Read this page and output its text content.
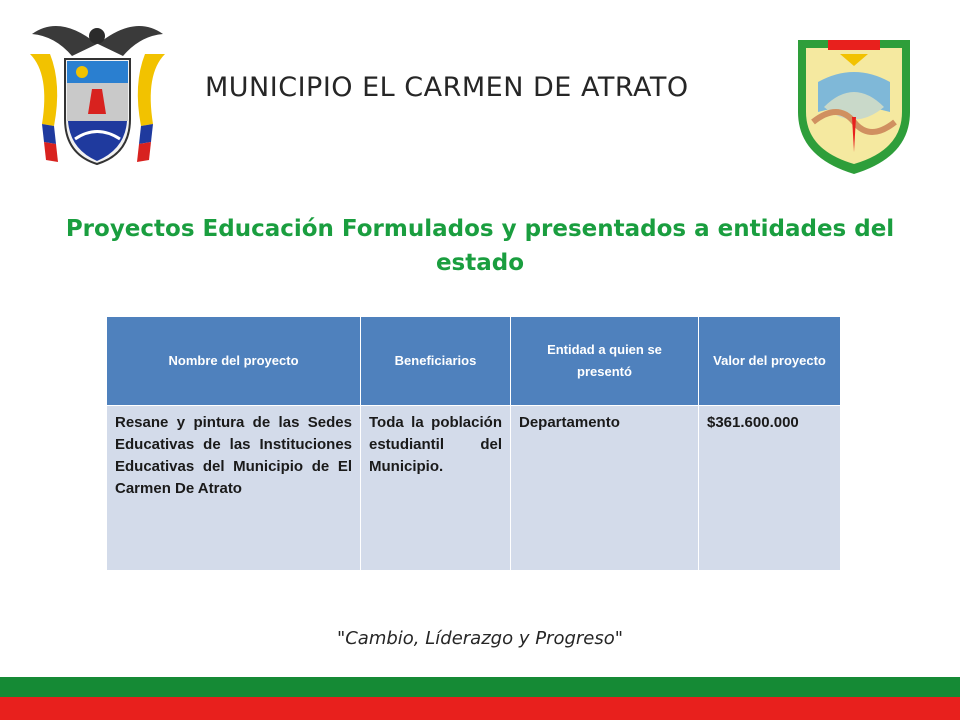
MUNICIPIO EL CARMEN DE ATRATO
Proyectos Educación Formulados y presentados a entidades del estado
Nombre del proyecto	Beneficiarios	Entidad a quien se presentó	Valor del proyecto
Resane y pintura de las Sedes Educativas de las Instituciones Educativas del Municipio de El Carmen De Atrato	Toda la población estudiantil del Municipio.	Departamento	$361.600.000
"Cambio, Líderazgo y Progreso"
